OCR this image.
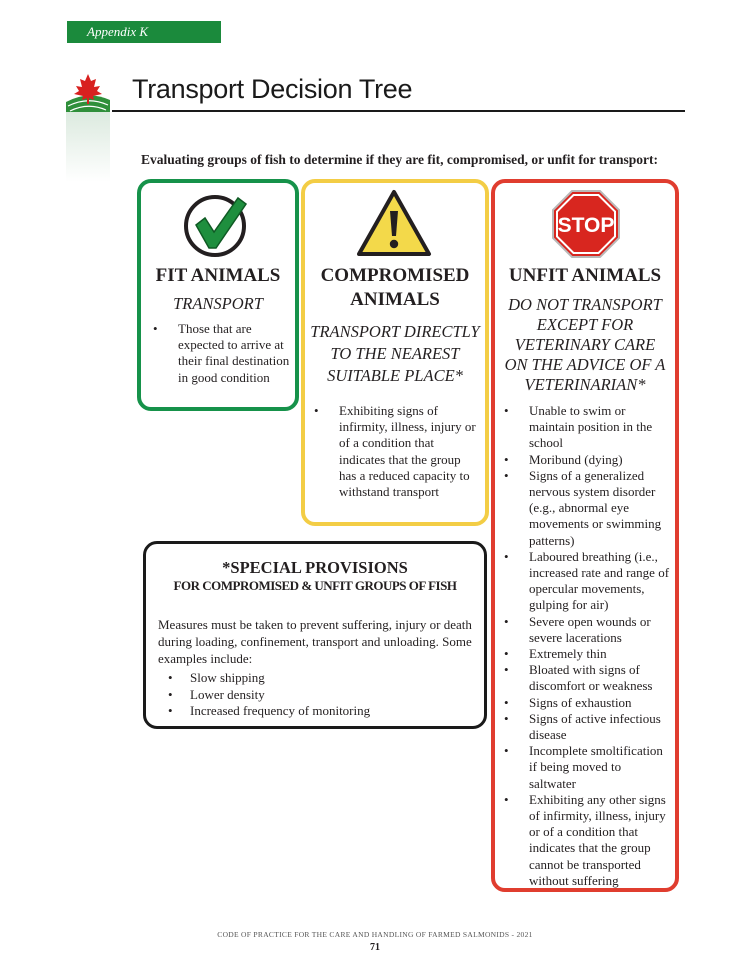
Appendix K
Transport Decision Tree
Evaluating groups of fish to determine if they are fit, compromised, or unfit for transport:
FIT ANIMALS
TRANSPORT
• Those that are expected to arrive at their final destination in good condition
COMPROMISED
ANIMALS
TRANSPORT DIRECTLY
TO THE NEAREST
SUITABLE PLACE*
• Exhibiting signs of infirmity, illness, injury or of a condition that indicates that the group has a reduced capacity to withstand transport
STOP
UNFIT ANIMALS
DO NOT TRANSPORT
EXCEPT FOR
VETERINARY CARE
ON THE ADVICE OF A
VETERINARIAN*
• Unable to swim or maintain position in the school
• Moribund (dying)
• Signs of a generalized nervous system disorder (e.g., abnormal eye movements or swimming patterns)
• Laboured breathing (i.e., increased rate and range of opercular movements, gulping for air)
• Severe open wounds or severe lacerations
• Extremely thin
• Bloated with signs of discomfort or weakness
• Signs of exhaustion
• Signs of active infectious disease
• Incomplete smoltification if being moved to saltwater
• Exhibiting any other signs of infirmity, illness, injury or of a condition that indicates that the group cannot be transported without suffering
*SPECIAL PROVISIONS
FOR COMPROMISED & UNFIT GROUPS OF FISH
Measures must be taken to prevent suffering, injury or death during loading, confinement, transport and unloading. Some examples include:
• Slow shipping
• Lower density
• Increased frequency of monitoring
CODE OF PRACTICE FOR THE CARE AND HANDLING OF FARMED SALMONIDS - 2021
71
